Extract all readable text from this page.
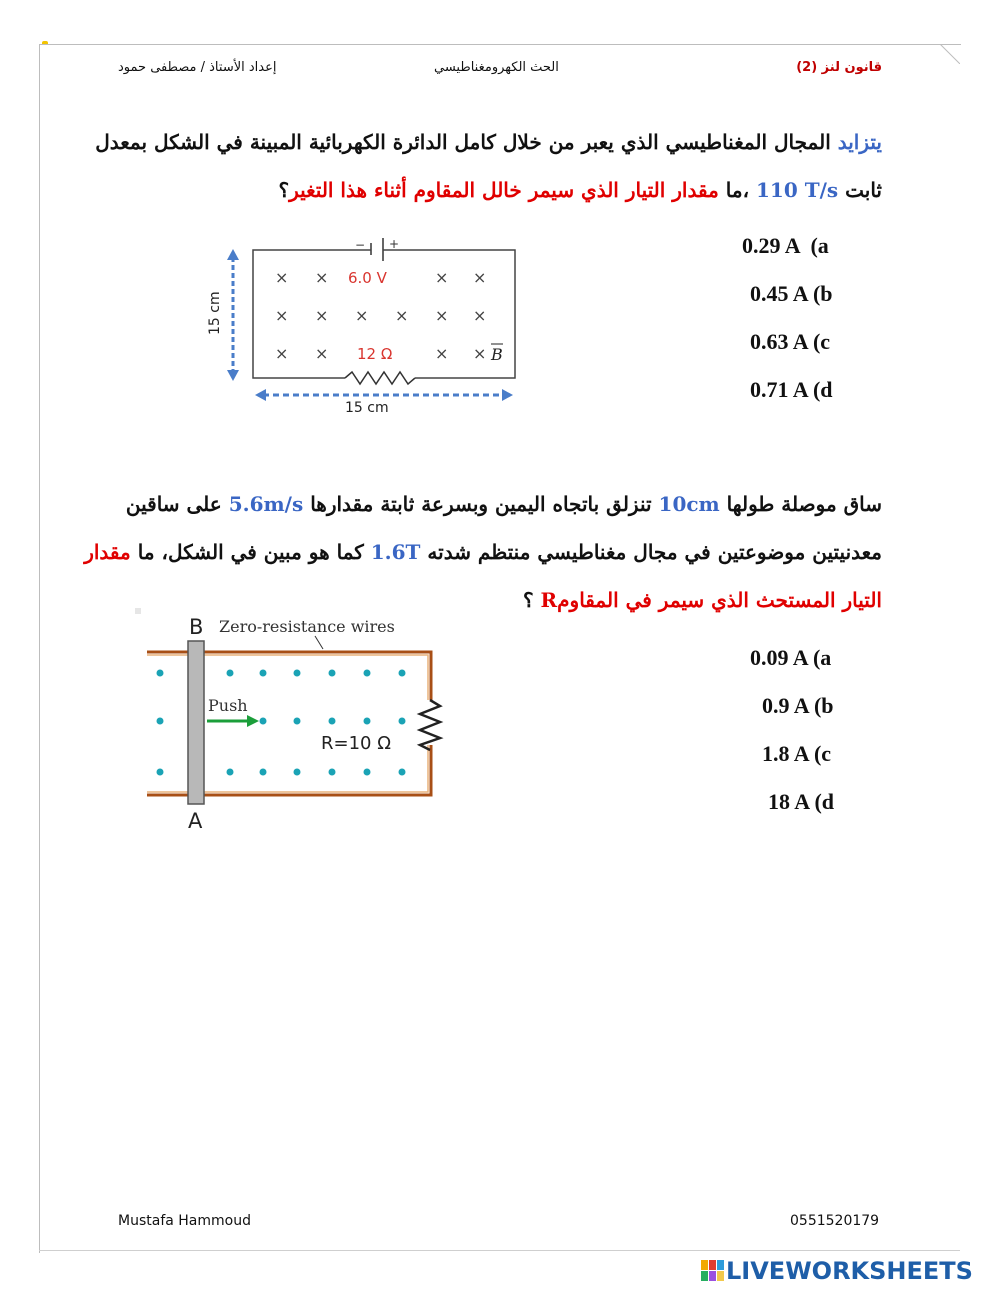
قانون لنز (2)
الحث الكهرومغناطيسي
إعداد الأستاذ / مصطفى حمود
يتزايد المجال المغناطيسي الذي يعبر من خلال كامل الدائرة الكهربائية المبينة في الشكل بمعدل ثابت 110 T/s ،ما مقدار التيار الذي سيمر خالل المقاوم أثناء هذا التغير؟
− +
× ×	× ×
× × × × × ×
× ×	× ×
6.0 V
12 Ω	B
15 cm
15 cm
0.29 A  (a
0.45 A (b
0.63 A (c
0.71 A (d
ساق موصلة طولها 10cm تنزلق باتجاه اليمين وبسرعة ثابتة مقدارها 5.6m/s على ساقين معدنيتين موضوعتين في مجال مغناطيسي منتظم شدته 1.6T كما هو مبين في الشكل، ما مقدار التيار المستحث الذي سيمر في المقاومR ؟
B
A
Zero-resistance wires
Push
R=10 Ω
0.09 A (a
0.9 A (b
1.8 A (c
18 A (d
Mustafa Hammoud	0551520179
LIVEWORKSHEETS
